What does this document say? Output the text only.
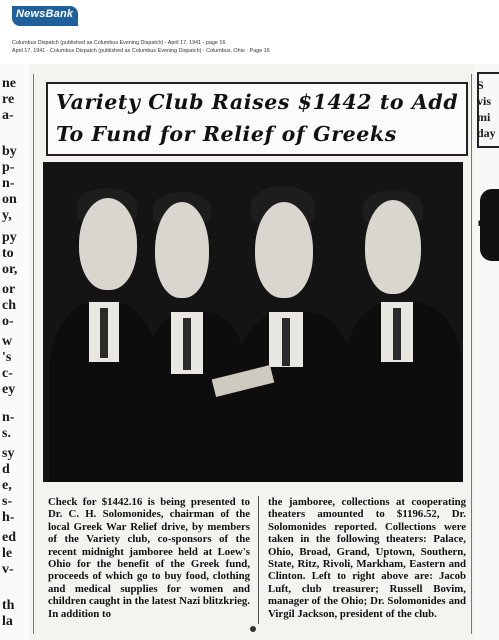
NewsBank
Columbus Dispatch (published as Columbus Evening Dispatch) - April 17, 1941 - page 16
April 17, 1941 · Columbus Dispatch (published as Columbus Evening Dispatch) · Columbus, Ohio · Page 16
ne
re
a-
by
p-
n-
on
y,
py
to
or,
or
ch
o-
w
's
c-
ey
n-
s.
sy
d
e,
s-
h-
ed
le
v-
th
la
T
S
vis
mi
day
Variety Club Raises $1442 to Add
To Fund for Relief of Greeks
Check for $1442.16 is being presented to Dr. C. H. Solomonides, chairman of the local Greek War Relief drive, by members of the Variety club, co-sponsors of the recent midnight jamboree held at Loew's Ohio for the benefit of the Greek fund, proceeds of which go to buy food, clothing and medical supplies for women and children caught in the latest Nazi blitzkrieg. In addition to
the jamboree, collections at cooperating theaters amounted to $1196.52, Dr. Solomonides reported. Collections were taken in the following theaters: Palace, Ohio, Broad, Grand, Uptown, Southern, State, Ritz, Rivoli, Markham, Eastern and Clinton. Left to right above are: Jacob Luft, club treasurer; Russell Bovim, manager of the Ohio; Dr. Solomonides and Virgil Jackson, president of the club.
